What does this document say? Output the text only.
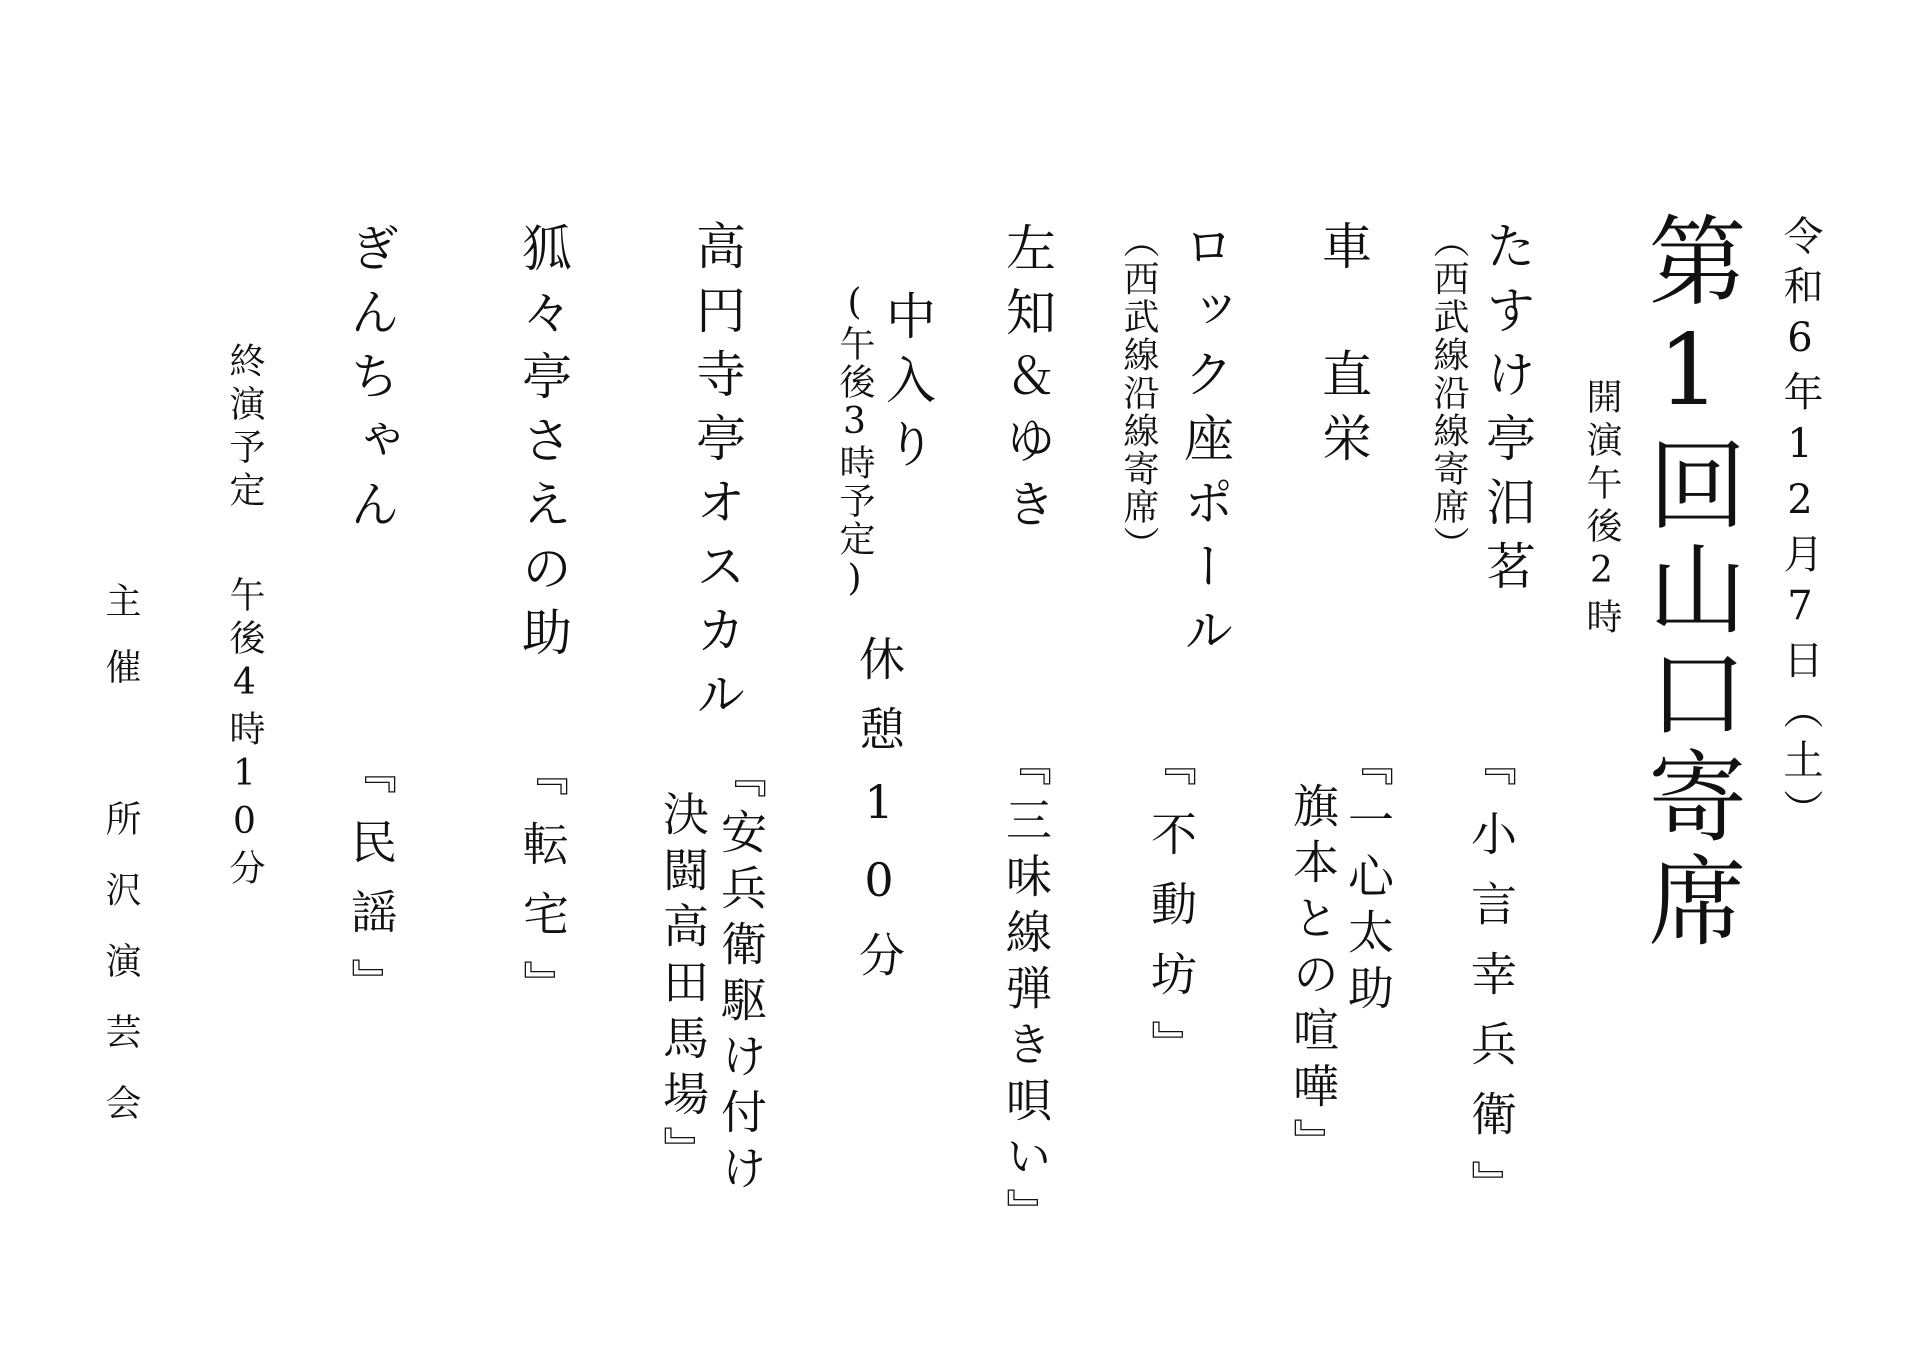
令和6年12月7日（土）
第1回山口寄席
開演午後2時
たすけ亭汨茗
（西武線沿線寄席）
『小言幸兵衛』
車　直栄
『一心太助
旗本との喧嘩』
ロック座ポール
（西武線沿線寄席）
『不動坊』
左知＆ゆき
『三味線弾き唄い』
中入り
(午後3時予定)
休憩10分
高円寺亭オスカル
『安兵衛駆け付け
決闘高田馬場』
狐々亭さえの助
『転宅』
ぎんちゃん
『民謡』
終演予定
午後4時10分
主催
所沢演芸会
